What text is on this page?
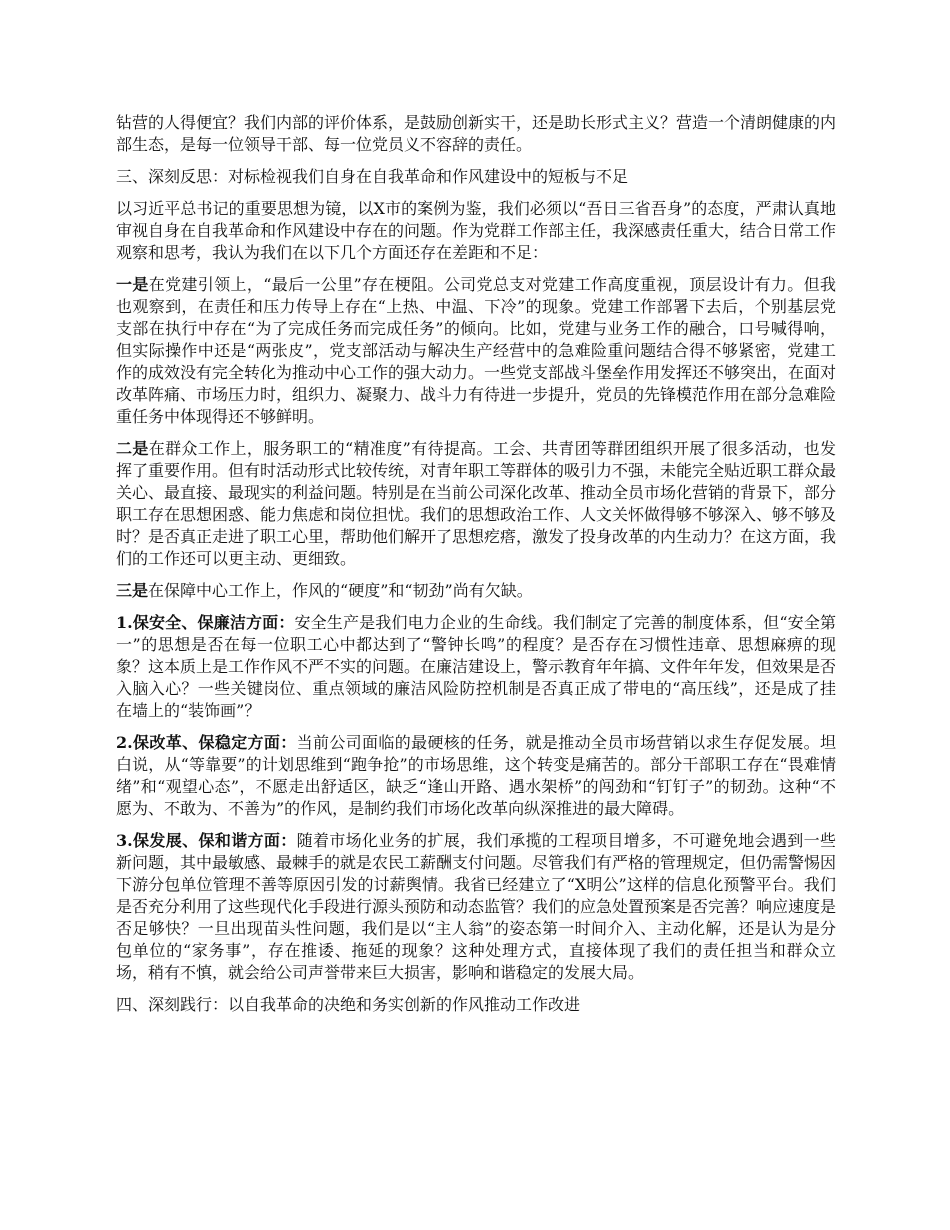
钻营的人得便宜？我们内部的评价体系，是鼓励创新实干，还是助长形式主义？营造一个清朗健康的内部生态，是每一位领导干部、每一位党员义不容辞的责任。

三、深刻反思：对标检视我们自身在自我革命和作风建设中的短板与不足

以习近平总书记的重要思想为镜，以X市的案例为鉴，我们必须以“吾日三省吾身”的态度，严肃认真地审视自身在自我革命和作风建设中存在的问题。作为党群工作部主任，我深感责任重大，结合日常工作观察和思考，我认为我们在以下几个方面还存在差距和不足：

一是在党建引领上，“最后一公里”存在梗阻。公司党总支对党建工作高度重视，顶层设计有力。但我也观察到，在责任和压力传导上存在“上热、中温、下冷”的现象。党建工作部署下去后，个别基层党支部在执行中存在“为了完成任务而完成任务”的倾向。比如，党建与业务工作的融合，口号喊得响，但实际操作中还是“两张皮”，党支部活动与解决生产经营中的急难险重问题结合得不够紧密，党建工作的成效没有完全转化为推动中心工作的强大动力。一些党支部战斗堡垒作用发挥还不够突出，在面对改革阵痛、市场压力时，组织力、凝聚力、战斗力有待进一步提升，党员的先锋模范作用在部分急难险重任务中体现得还不够鲜明。

二是在群众工作上，服务职工的“精准度”有待提高。工会、共青团等群团组织开展了很多活动，也发挥了重要作用。但有时活动形式比较传统，对青年职工等群体的吸引力不强，未能完全贴近职工群众最关心、最直接、最现实的利益问题。特别是在当前公司深化改革、推动全员市场化营销的背景下，部分职工存在思想困惑、能力焦虑和岗位担忧。我们的思想政治工作、人文关怀做得够不够深入、够不够及时？是否真正走进了职工心里，帮助他们解开了思想疙瘩，激发了投身改革的内生动力？在这方面，我们的工作还可以更主动、更细致。

三是在保障中心工作上，作风的“硬度”和“韧劲”尚有欠缺。

1.保安全、保廉洁方面：安全生产是我们电力企业的生命线。我们制定了完善的制度体系，但“安全第一”的思想是否在每一位职工心中都达到了“警钟长鸣”的程度？是否存在习惯性违章、思想麻痹的现象？这本质上是工作作风不严不实的问题。在廉洁建设上，警示教育年年搞、文件年年发，但效果是否入脑入心？一些关键岗位、重点领域的廉洁风险防控机制是否真正成了带电的“高压线”，还是成了挂在墙上的“装饰画”？

2.保改革、保稳定方面：当前公司面临的最硬核的任务，就是推动全员市场营销以求生存促发展。坦白说，从“等靠要”的计划思维到“跑争抢”的市场思维，这个转变是痛苦的。部分干部职工存在“畏难情绪”和“观望心态”，不愿走出舒适区，缺乏“逢山开路、遇水架桥”的闯劲和“钉钉子”的韧劲。这种“不愿为、不敢为、不善为”的作风，是制约我们市场化改革向纵深推进的最大障碍。

3.保发展、保和谐方面：随着市场化业务的扩展，我们承揽的工程项目增多，不可避免地会遇到一些新问题，其中最敏感、最棘手的就是农民工薪酬支付问题。尽管我们有严格的管理规定，但仍需警惕因下游分包单位管理不善等原因引发的讨薪舆情。我省已经建立了“X明公”这样的信息化预警平台。我们是否充分利用了这些现代化手段进行源头预防和动态监管？我们的应急处置预案是否完善？响应速度是否足够快？一旦出现苗头性问题，我们是以“主人翁”的姿态第一时间介入、主动化解，还是认为是分包单位的“家务事”，存在推诿、拖延的现象？这种处理方式，直接体现了我们的责任担当和群众立场，稍有不慎，就会给公司声誉带来巨大损害，影响和谐稳定的发展大局。

四、深刻践行：以自我革命的决绝和务实创新的作风推动工作改进
